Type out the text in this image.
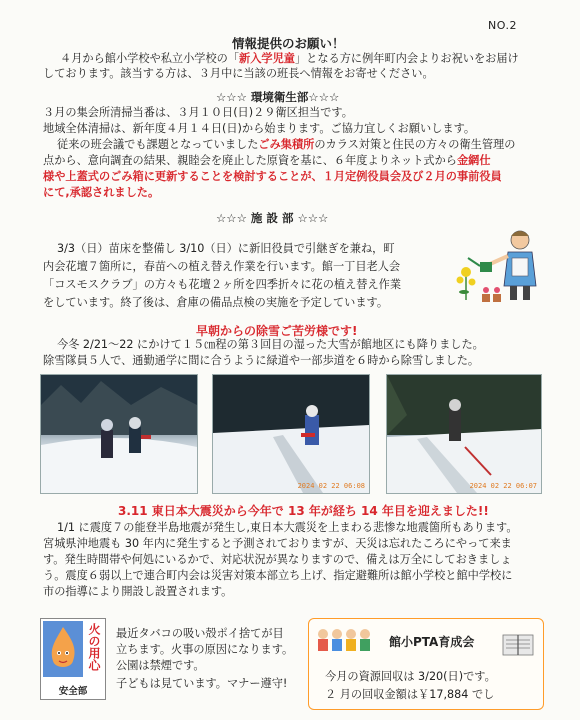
NO.2
情報提供のお願い！
４月から館小学校や私立小学校の「新入学児童」となる方に例年町内会よりお祝いをお届け
しております。該当する方は、３月中に当該の班長へ情報をお寄せください。
☆☆☆ 環境衛生部☆☆☆
３月の集会所清掃当番は、３月１０日(日)２９衛区担当です。
地域全体清掃は、新年度４月１４日(日)から始まります。ご協力宜しくお願いします。
従来の班会議でも課題となっていましたごみ集積所のカラス対策と住民の方々の衛生管理の
点から、意向調査の結果、親睦会を廃止した原資を基に、６年度よりネット式から金網仕
様や上蓋式のごみ箱に更新することを検討することが、１月定例役員会及び２月の事前役員
にて,承認されました。
☆☆☆ 施 設 部 ☆☆☆
3/3（日）苗床を整備し 3/10（日）に新旧役員で引継ぎを兼ね，町
内会花壇７箇所に，春苗への植え替え作業を行います。館一丁目老人会
「コスモスクラブ」の方々も花壇２ヶ所を四季折々に花の植え替え作業
をしています。終了後は、倉庫の備品点検の実施を予定しています。
早朝からの除雪ご苦労様です!
今冬 2/21〜22 にかけて１５㎝程の第３回目の湿った大雪が館地区にも降りました。
除雪隊員５人で、通勤通学に間に合うように緑道や一部歩道を６時から除雪しました。
2024 02 22 06:08	2024 02 22 06:07
3.11 東日本大震災から今年で 13 年が経ち 14 年目を迎えました!!
1/1 に震度７の能登半島地震が発生し,東日本大震災を上まわる悲惨な地震箇所もあります。
宮城県沖地震も 30 年内に発生すると予測されておりますが、天災は忘れたころにやって来ま
す。発生時間帯や何処にいるかで、対応状況が異なりますので、備えは万全にしておきましょ
う。震度６弱以上で連合町内会は災害対策本部立ち上げ、指定避難所は館小学校と館中学校に
市の指導により開設し設置されます。
火の用心
安全部
最近タバコの吸い殻ポイ捨てが目
立ちます。火事の原因になります。
公園は禁煙です。
子どもは見ています。マナー遵守!
館小PTA育成会
今月の資源回収は 3/20(日)です。
２ 月の回収金額は￥17,884 でし
